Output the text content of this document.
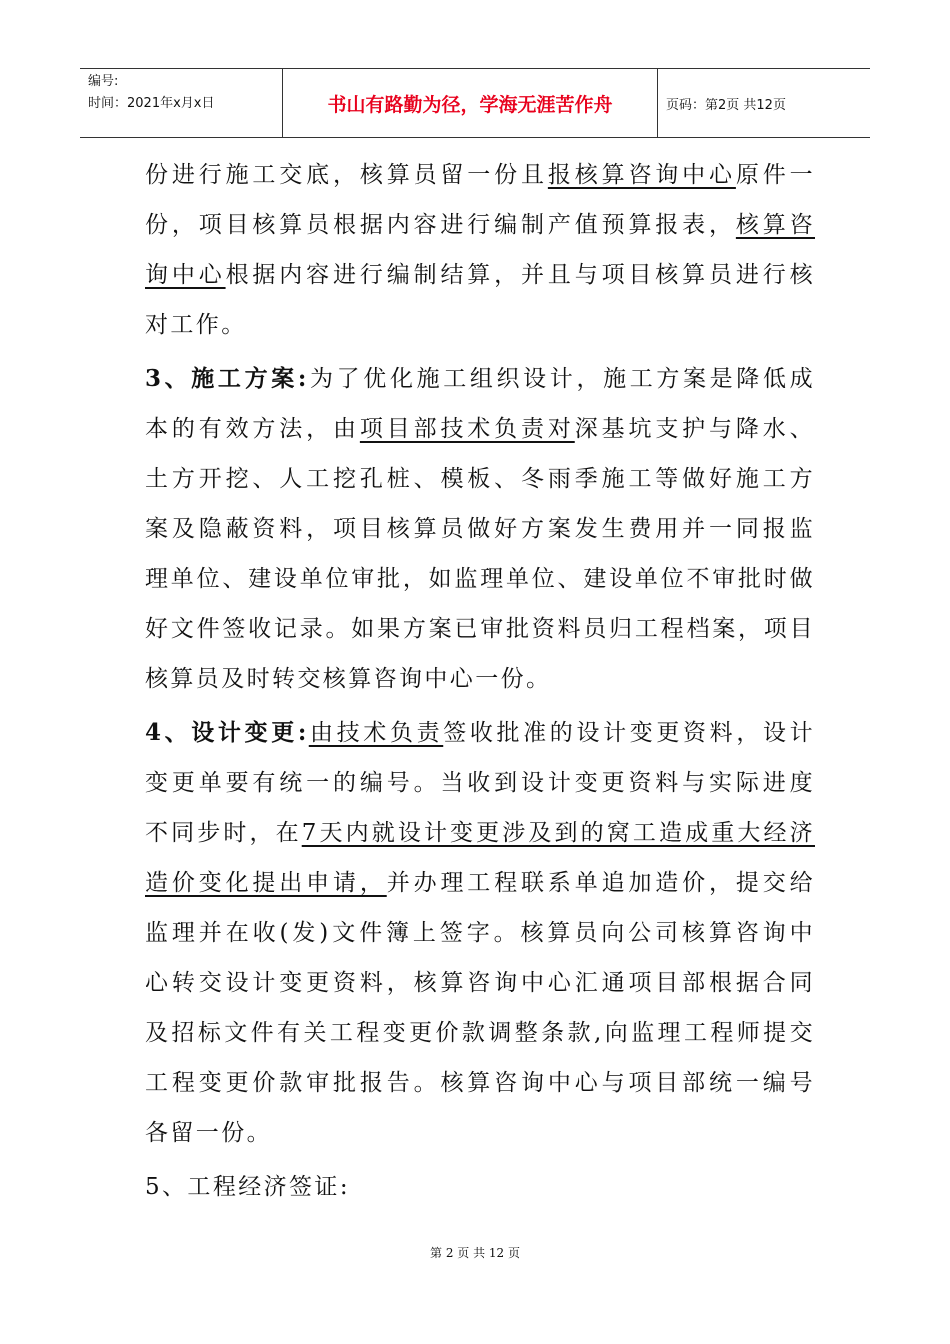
编号:
时间：2021年x月x日	书山有路勤为径，学海无涯苦作舟	页码：第2页 共12页
份进行施工交底，核算员留一份且报核算咨询中心原件一
份，项目核算员根据内容进行编制产值预算报表，核算咨
询中心根据内容进行编制结算，并且与项目核算员进行核
对工作。
3、施工方案:为了优化施工组织设计，施工方案是降低成
本的有效方法，由项目部技术负责对深基坑支护与降水、
土方开挖、人工挖孔桩、模板、冬雨季施工等做好施工方
案及隐蔽资料，项目核算员做好方案发生费用并一同报监
理单位、建设单位审批，如监理单位、建设单位不审批时做
好文件签收记录。如果方案已审批资料员归工程档案，项目
核算员及时转交核算咨询中心一份。
4、设计变更:由技术负责签收批准的设计变更资料，设计
变更单要有统一的编号。当收到设计变更资料与实际进度
不同步时，在7天内就设计变更涉及到的窝工造成重大经济
造价变化提出申请，并办理工程联系单追加造价，提交给
监理并在收(发)文件簿上签字。核算员向公司核算咨询中
心转交设计变更资料，核算咨询中心汇通项目部根据合同
及招标文件有关工程变更价款调整条款,向监理工程师提交
工程变更价款审批报告。核算咨询中心与项目部统一编号
各留一份。
5、工程经济签证:
第 2 页 共 12 页
